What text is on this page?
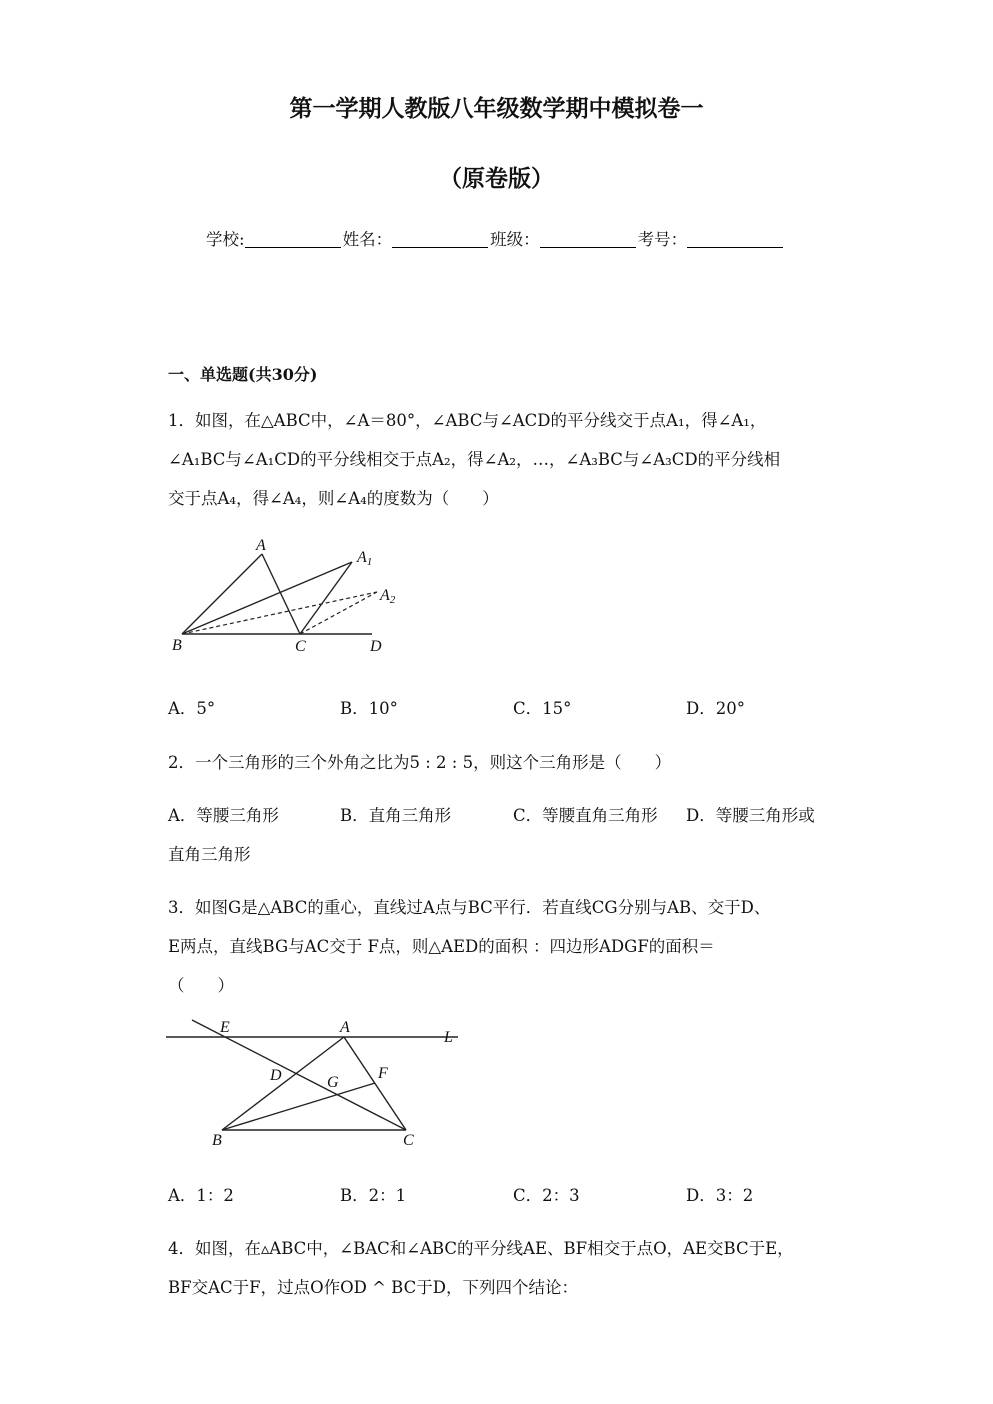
第一学期人教版八年级数学期中模拟卷一
（原卷版）
学校:	姓名：	班级：	考号：
一、单选题(共30分)
1．如图，在△ABC中，∠A＝80°，∠ABC与∠ACD的平分线交于点A₁，得∠A₁，
∠A₁BC与∠A₁CD的平分线相交于点A₂，得∠A₂，…，∠A₃BC与∠A₃CD的平分线相
交于点A₄，得∠A₄，则∠A₄的度数为（　　）
A
A1
A2
B	C	D
A．5°	B．10°	C．15°	D．20°
2．一个三角形的三个外角之比为5 : 2 : 5，则这个三角形是（　　）
A．等腰三角形	B．直角三角形	C．等腰直角三角形 D．等腰三角形或
直角三角形
3．如图G是△ABC的重心，直线过A点与BC平行．若直线CG分别与AB、交于D、
E两点，直线BG与AC交于 F点，则△AED的面积 ：四边形ADGF的面积＝
（　　）
E	A
L
D	G
F
B	C
A．1：2	B．2：1	C．2：3	D．3：2
4．如图，在▵ABC中，∠BAC和∠ABC的平分线AE、BF相交于点O，AE交BC于E，
BF交AC于F，过点O作OD ^ BC于D，下列四个结论：
